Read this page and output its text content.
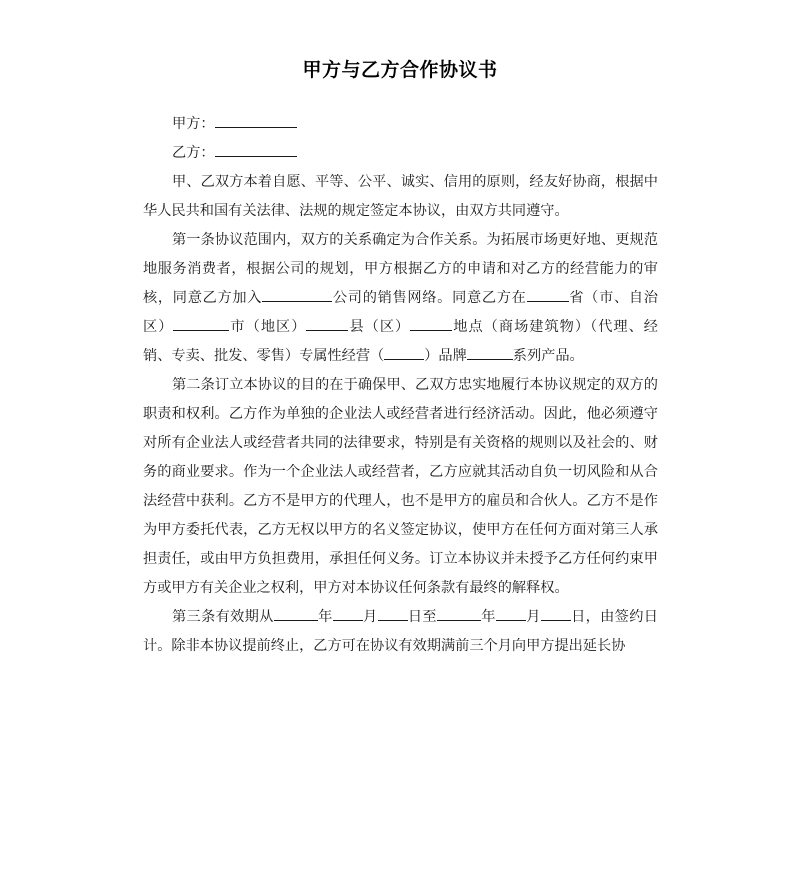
甲方与乙方合作协议书
甲方：
乙方：

甲、乙双方本着自愿、平等、公平、诚实、信用的原则，经友好协商，根据中华人民共和国有关法律、法规的规定签定本协议，由双方共同遵守。

第一条协议范围内，双方的关系确定为合作关系。为拓展市场更好地、更规范地服务消费者，根据公司的规划，甲方根据乙方的申请和对乙方的经营能力的审核，同意乙方加入	公司的销售网络。同意乙方在	省（市、自治区）	市（地区）	县（区）	地点（商场建筑物）（代理、经销、专卖、批发、零售）专属性经营（	）品牌	系列产品。

第二条订立本协议的目的在于确保甲、乙双方忠实地履行本协议规定的双方的职责和权利。乙方作为单独的企业法人或经营者进行经济活动。因此，他必须遵守对所有企业法人或经营者共同的法律要求，特别是有关资格的规则以及社会的、财务的商业要求。作为一个企业法人或经营者，乙方应就其活动自负一切风险和从合法经营中获利。乙方不是甲方的代理人，也不是甲方的雇员和合伙人。乙方不是作为甲方委托代表，乙方无权以甲方的名义签定协议，使甲方在任何方面对第三人承担责任，或由甲方负担费用，承担任何义务。订立本协议并未授予乙方任何约束甲方或甲方有关企业之权利，甲方对本协议任何条款有最终的解释权。

第三条有效期从	年 月 日至	年 月 日，由签约日计。除非本协议提前终止，乙方可在协议有效期满前三个月向甲方提出延长协
